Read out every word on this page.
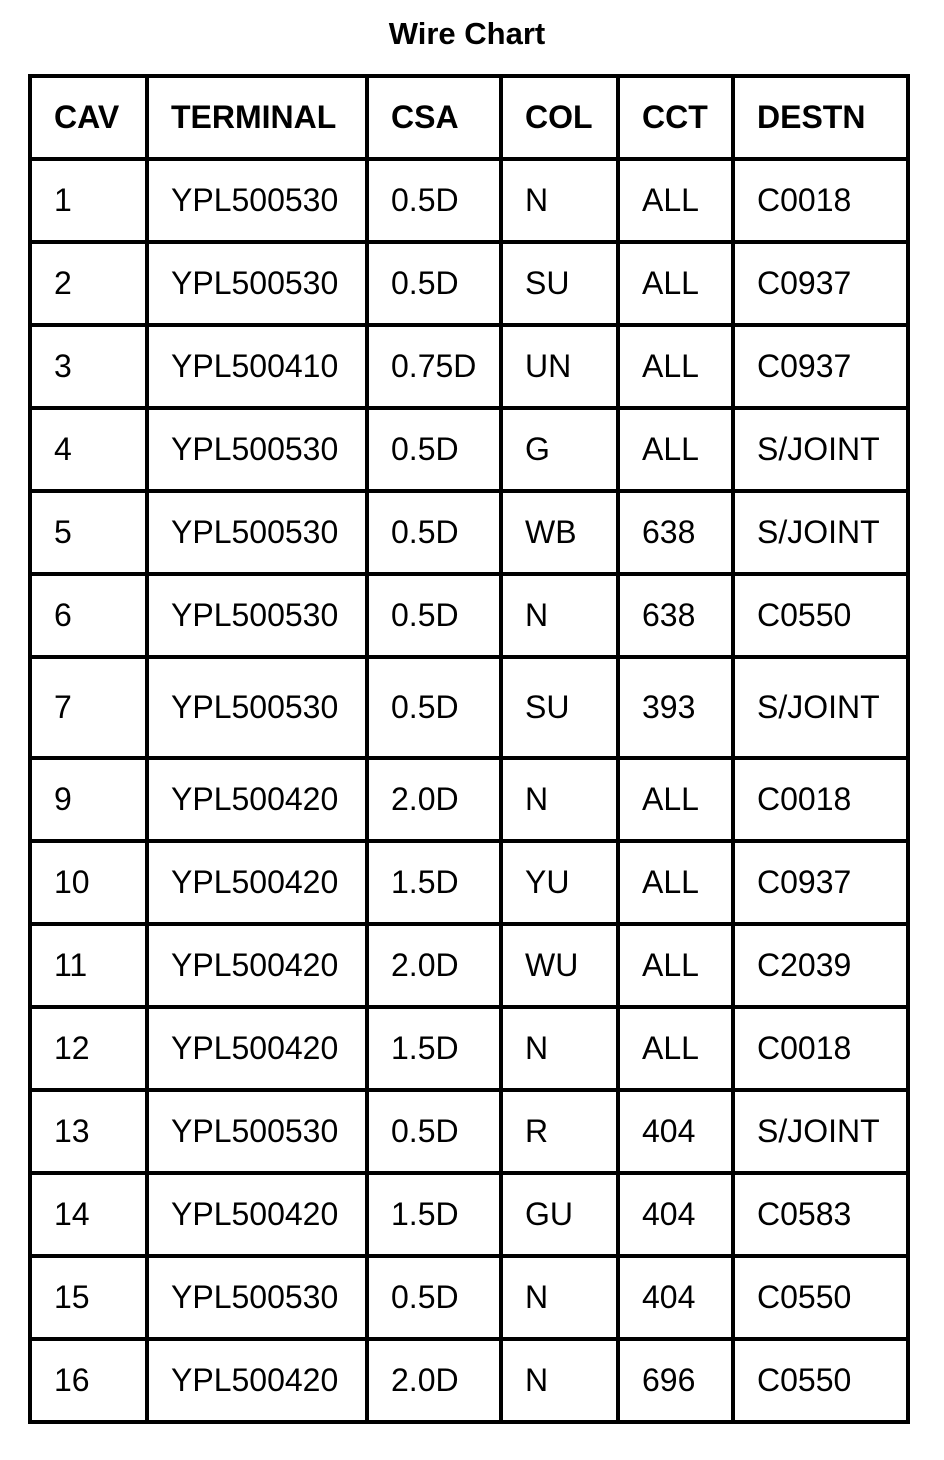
Wire Chart
CAV	TERMINAL	CSA	COL	CCT	DESTN
1	YPL500530	0.5D	N	ALL	C0018
2	YPL500530	0.5D	SU	ALL	C0937
3	YPL500410	0.75D	UN	ALL	C0937
4	YPL500530	0.5D	G	ALL	S/JOINT
5	YPL500530	0.5D	WB	638	S/JOINT
6	YPL500530	0.5D	N	638	C0550
7	YPL500530	0.5D	SU	393	S/JOINT
9	YPL500420	2.0D	N	ALL	C0018
10	YPL500420	1.5D	YU	ALL	C0937
11	YPL500420	2.0D	WU	ALL	C2039
12	YPL500420	1.5D	N	ALL	C0018
13	YPL500530	0.5D	R	404	S/JOINT
14	YPL500420	1.5D	GU	404	C0583
15	YPL500530	0.5D	N	404	C0550
16	YPL500420	2.0D	N	696	C0550
